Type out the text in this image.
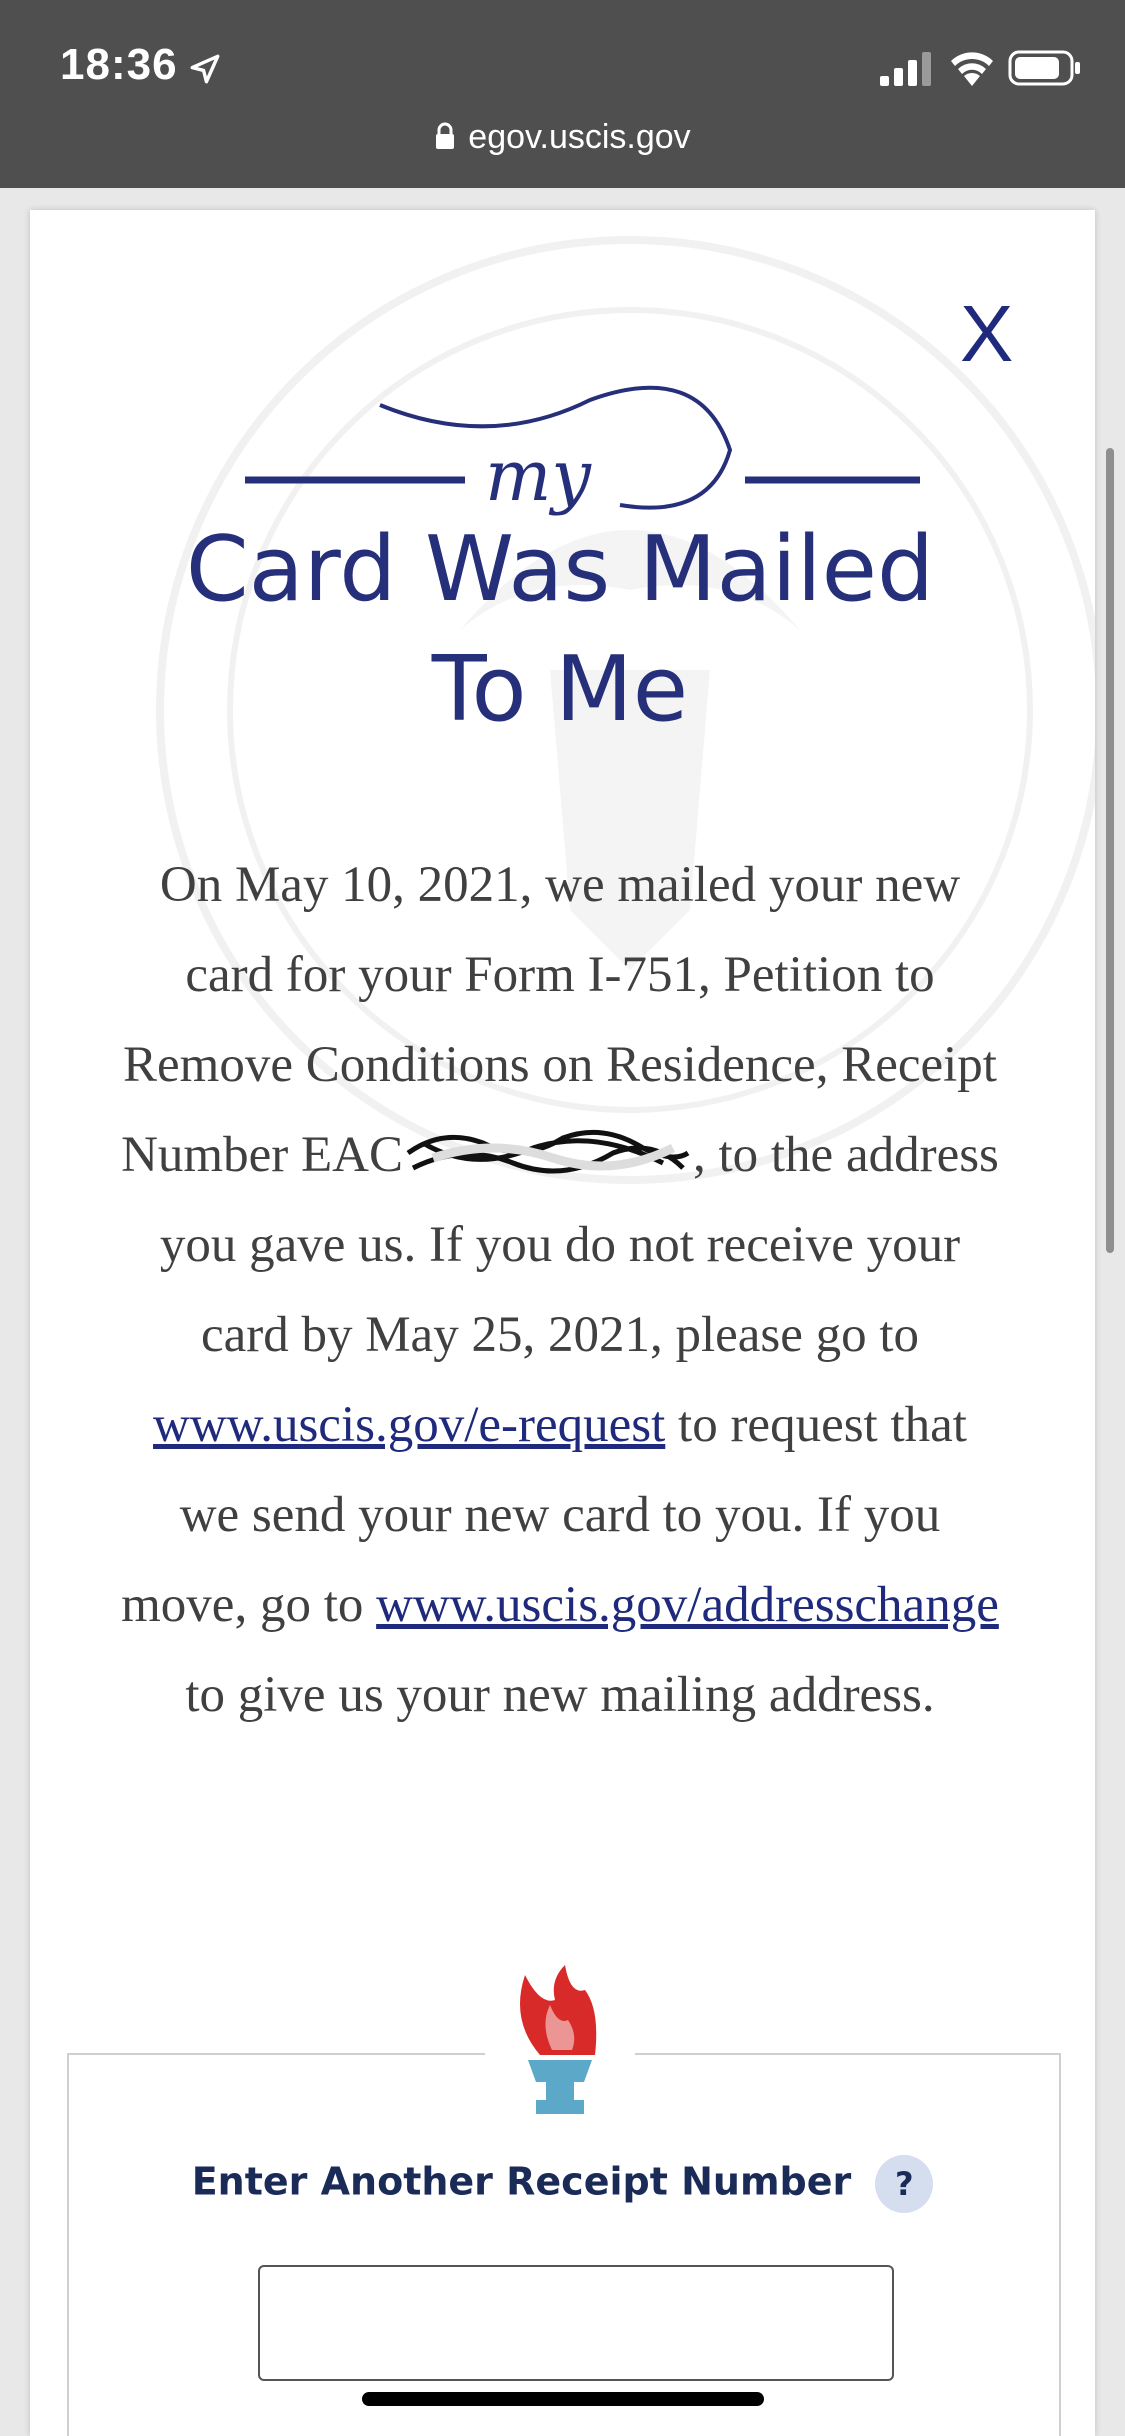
18:36
egov.uscis.gov
X
my
Card Was Mailed To Me
On May 10, 2021, we mailed your new card for your Form I-751, Petition to Remove Conditions on Residence, Receipt Number EAC	, to the address you gave us. If you do not receive your card by May 25, 2021, please go to www.uscis.gov/e-request to request that we send your new card to you. If you move, go to www.uscis.gov/addresschange to give us your new mailing address.
Enter Another Receipt Number ?
